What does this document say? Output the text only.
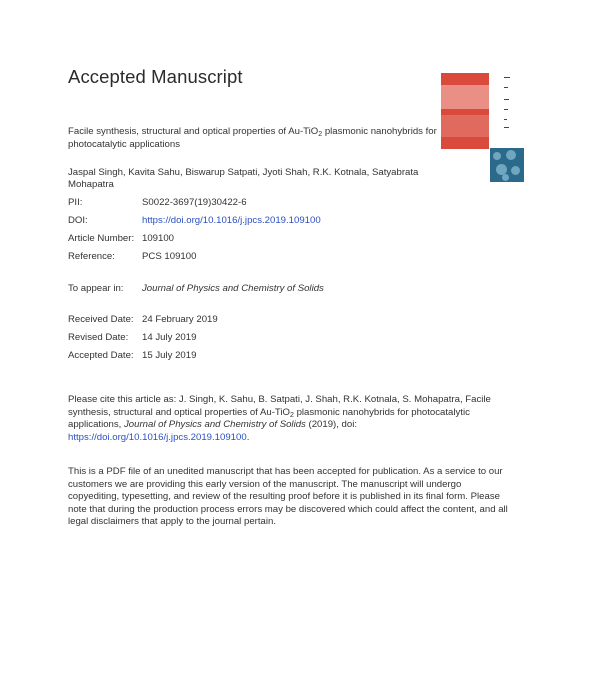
Accepted Manuscript
Facile synthesis, structural and optical properties of Au-TiO$_2$ plasmonic nanohybrids for photocatalytic applications
Jaspal Singh, Kavita Sahu, Biswarup Satpati, Jyoti Shah, R.K. Kotnala, Satyabrata Mohapatra
PII:	S0022-3697(19)30422-6
DOI:	https://doi.org/10.1016/j.jpcs.2019.109100
Article Number: 109100
Reference:	PCS 109100
To appear in: Journal of Physics and Chemistry of Solids
Received Date: 24 February 2019
Revised Date: 14 July 2019
Accepted Date: 15 July 2019
Please cite this article as: J. Singh, K. Sahu, B. Satpati, J. Shah, R.K. Kotnala, S. Mohapatra, Facile synthesis, structural and optical properties of Au-TiO$_2$ plasmonic nanohybrids for photocatalytic applications, Journal of Physics and Chemistry of Solids (2019), doi: https://doi.org/10.1016/j.jpcs.2019.109100.
This is a PDF file of an unedited manuscript that has been accepted for publication. As a service to our customers we are providing this early version of the manuscript. The manuscript will undergo copyediting, typesetting, and review of the resulting proof before it is published in its final form. Please note that during the production process errors may be discovered which could affect the content, and all legal disclaimers that apply to the journal pertain.
